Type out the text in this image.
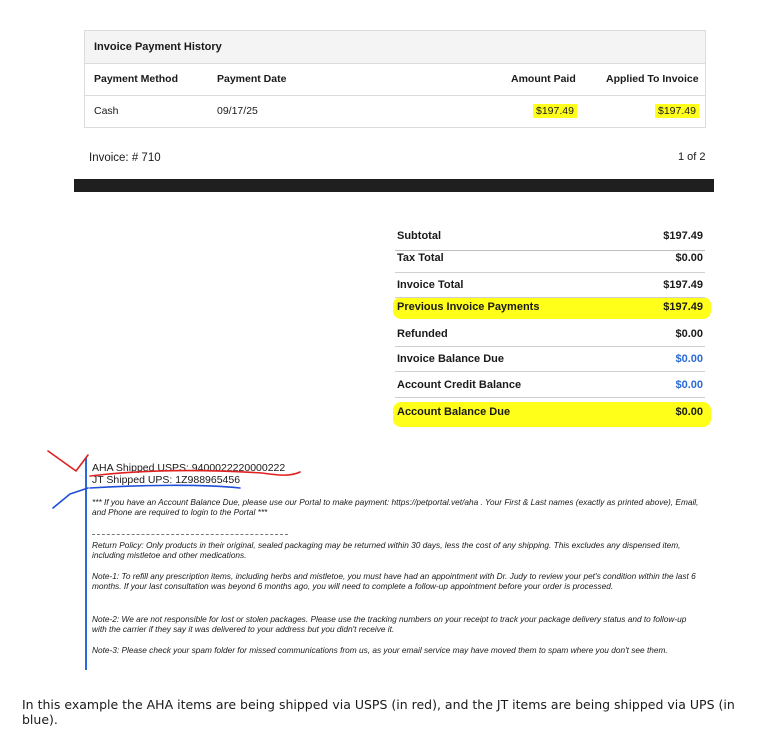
Invoice Payment History
Payment Method	Payment Date	Amount Paid	Applied To Invoice
Cash	09/17/25	$197.49	$197.49
Invoice: # 710	1 of 2
Subtotal	$197.49
Tax Total	$0.00
Invoice Total	$197.49
Previous Invoice Payments	$197.49
Refunded	$0.00
Invoice Balance Due	$0.00
Account Credit Balance	$0.00
Account Balance Due	$0.00
AHA Shipped USPS: 9400022220000222
JT Shipped UPS: 1Z988965456
*** If you have an Account Balance Due, please use our Portal to make payment: https://petportal.vet/aha . Your First & Last names (exactly as printed above), Email, and Phone are required to login to the Portal ***
Return Policy: Only products in their original, sealed packaging may be returned within 30 days, less the cost of any shipping. This excludes any dispensed item, including mistletoe and other medications.
Note-1: To refill any prescription items, including herbs and mistletoe, you must have had an appointment with Dr. Judy to review your pet's condition within the last 6 months. If your last consultation was beyond 6 months ago, you will need to complete a follow-up appointment before your order is processed.
Note-2: We are not responsible for lost or stolen packages. Please use the tracking numbers on your receipt to track your package delivery status and to follow-up with the carrier if they say it was delivered to your address but you didn't receive it.
Note-3: Please check your spam folder for missed communications from us, as your email service may have moved them to spam where you don't see them.
In this example the AHA items are being shipped via USPS (in red), and the JT items are being shipped via UPS (in blue).
